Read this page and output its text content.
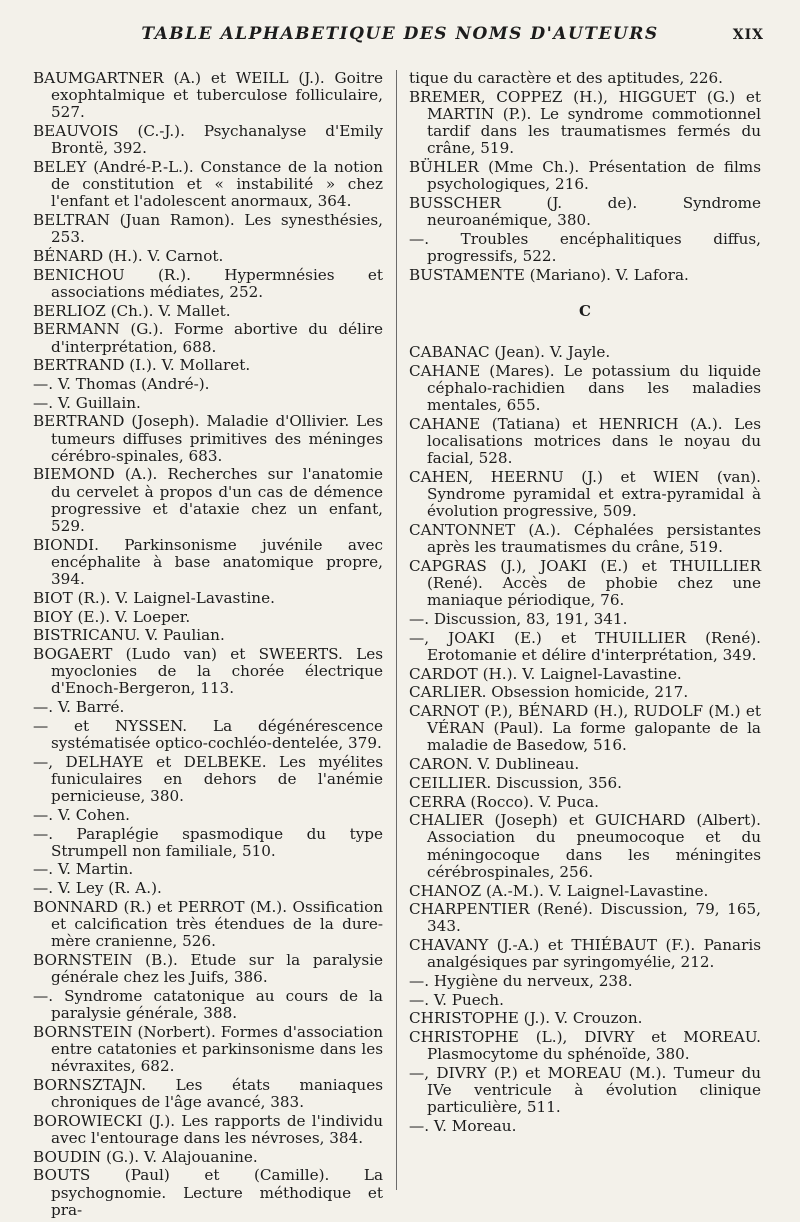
TABLE ALPHABETIQUE DES NOMS D'AUTEURS	XIX

BAUMGARTNER (A.) et WEILL (J.). Goitre exophtalmique et tuberculose folliculaire, 527.

BEAUVOIS (C.-J.). Psychanalyse d'Emily Brontë, 392.

BELEY (André-P.-L.). Constance de la notion de constitution et « instabilité » chez l'enfant et l'adolescent anormaux, 364.

BELTRAN (Juan Ramon). Les synesthésies, 253.

BÉNARD (H.). V. Carnot.

BENICHOU (R.). Hypermnésies et associations médiates, 252.

BERLIOZ (Ch.). V. Mallet.

BERMANN (G.). Forme abortive du délire d'interprétation, 688.

BERTRAND (I.). V. Mollaret.

—. V. Thomas (André-).

—. V. Guillain.

BERTRAND (Joseph). Maladie d'Ollivier. Les tumeurs diffuses primitives des méninges cérébro-spinales, 683.

BIEMOND (A.). Recherches sur l'anatomie du cervelet à propos d'un cas de démence progressive et d'ataxie chez un enfant, 529.

BIONDI. Parkinsonisme juvénile avec encéphalite à base anatomique propre, 394.

BIOT (R.). V. Laignel-Lavastine.

BIOY (E.). V. Loeper.

BISTRICANU. V. Paulian.

BOGAERT (Ludo van) et SWEERTS. Les myoclonies de la chorée électrique d'Enoch-Bergeron, 113.

—. V. Barré.

— et NYSSEN. La dégénérescence systématisée optico-cochléo-dentelée, 379.

—, DELHAYE et DELBEKE. Les myélites funiculaires en dehors de l'anémie pernicieuse, 380.

—. V. Cohen.

—. Paraplégie spasmodique du type Strumpell non familiale, 510.

—. V. Martin.

—. V. Ley (R. A.).

BONNARD (R.) et PERROT (M.). Ossification et calcification très étendues de la dure-mère cranienne, 526.

BORNSTEIN (B.). Etude sur la paralysie générale chez les Juifs, 386.

—. Syndrome catatonique au cours de la paralysie générale, 388.

BORNSTEIN (Norbert). Formes d'association entre catatonies et parkinsonisme dans les névraxites, 682.

BORNSZTAJN. Les états maniaques chroniques de l'âge avancé, 383.

BOROWIECKI (J.). Les rapports de l'individu avec l'entourage dans les névroses, 384.

BOUDIN (G.). V. Alajouanine.

BOUTS (Paul) et (Camille). La psychognomie. Lecture méthodique et pra-

tique du caractère et des aptitudes, 226.

BREMER, COPPEZ (H.), HIGGUET (G.) et MARTIN (P.). Le syndrome commotionnel tardif dans les traumatismes fermés du crâne, 519.

BÜHLER (Mme Ch.). Présentation de films psychologiques, 216.

BUSSCHER (J. de). Syndrome neuroanémique, 380.

—. Troubles encéphalitiques diffus, progressifs, 522.

BUSTAMENTE (Mariano). V. Lafora.

C

CABANAC (Jean). V. Jayle.

CAHANE (Mares). Le potassium du liquide céphalo-rachidien dans les maladies mentales, 655.

CAHANE (Tatiana) et HENRICH (A.). Les localisations motrices dans le noyau du facial, 528.

CAHEN, HEERNU (J.) et WIEN (van). Syndrome pyramidal et extra-pyramidal à évolution progressive, 509.

CANTONNET (A.). Céphalées persistantes après les traumatismes du crâne, 519.

CAPGRAS (J.), JOAKI (E.) et THUILLIER (René). Accès de phobie chez une maniaque périodique, 76.

—. Discussion, 83, 191, 341.

—, JOAKI (E.) et THUILLIER (René). Erotomanie et délire d'interprétation, 349.

CARDOT (H.). V. Laignel-Lavastine.

CARLIER. Obsession homicide, 217.

CARNOT (P.), BÉNARD (H.), RUDOLF (M.) et VÉRAN (Paul). La forme galopante de la maladie de Basedow, 516.

CARON. V. Dublineau.

CEILLIER. Discussion, 356.

CERRA (Rocco). V. Puca.

CHALIER (Joseph) et GUICHARD (Albert). Association du pneumocoque et du méningocoque dans les méningites cérébrospinales, 256.

CHANOZ (A.-M.). V. Laignel-Lavastine.

CHARPENTIER (René). Discussion, 79, 165, 343.

CHAVANY (J.-A.) et THIÉBAUT (F.). Panaris analgésiques par syringomyélie, 212.

—. Hygiène du nerveux, 238.

—. V. Puech.

CHRISTOPHE (J.). V. Crouzon.

CHRISTOPHE (L.), DIVRY et MOREAU. Plasmocytome du sphénoïde, 380.

—, DIVRY (P.) et MOREAU (M.). Tumeur du IVe ventricule à évolution clinique particulière, 511.

—. V. Moreau.
